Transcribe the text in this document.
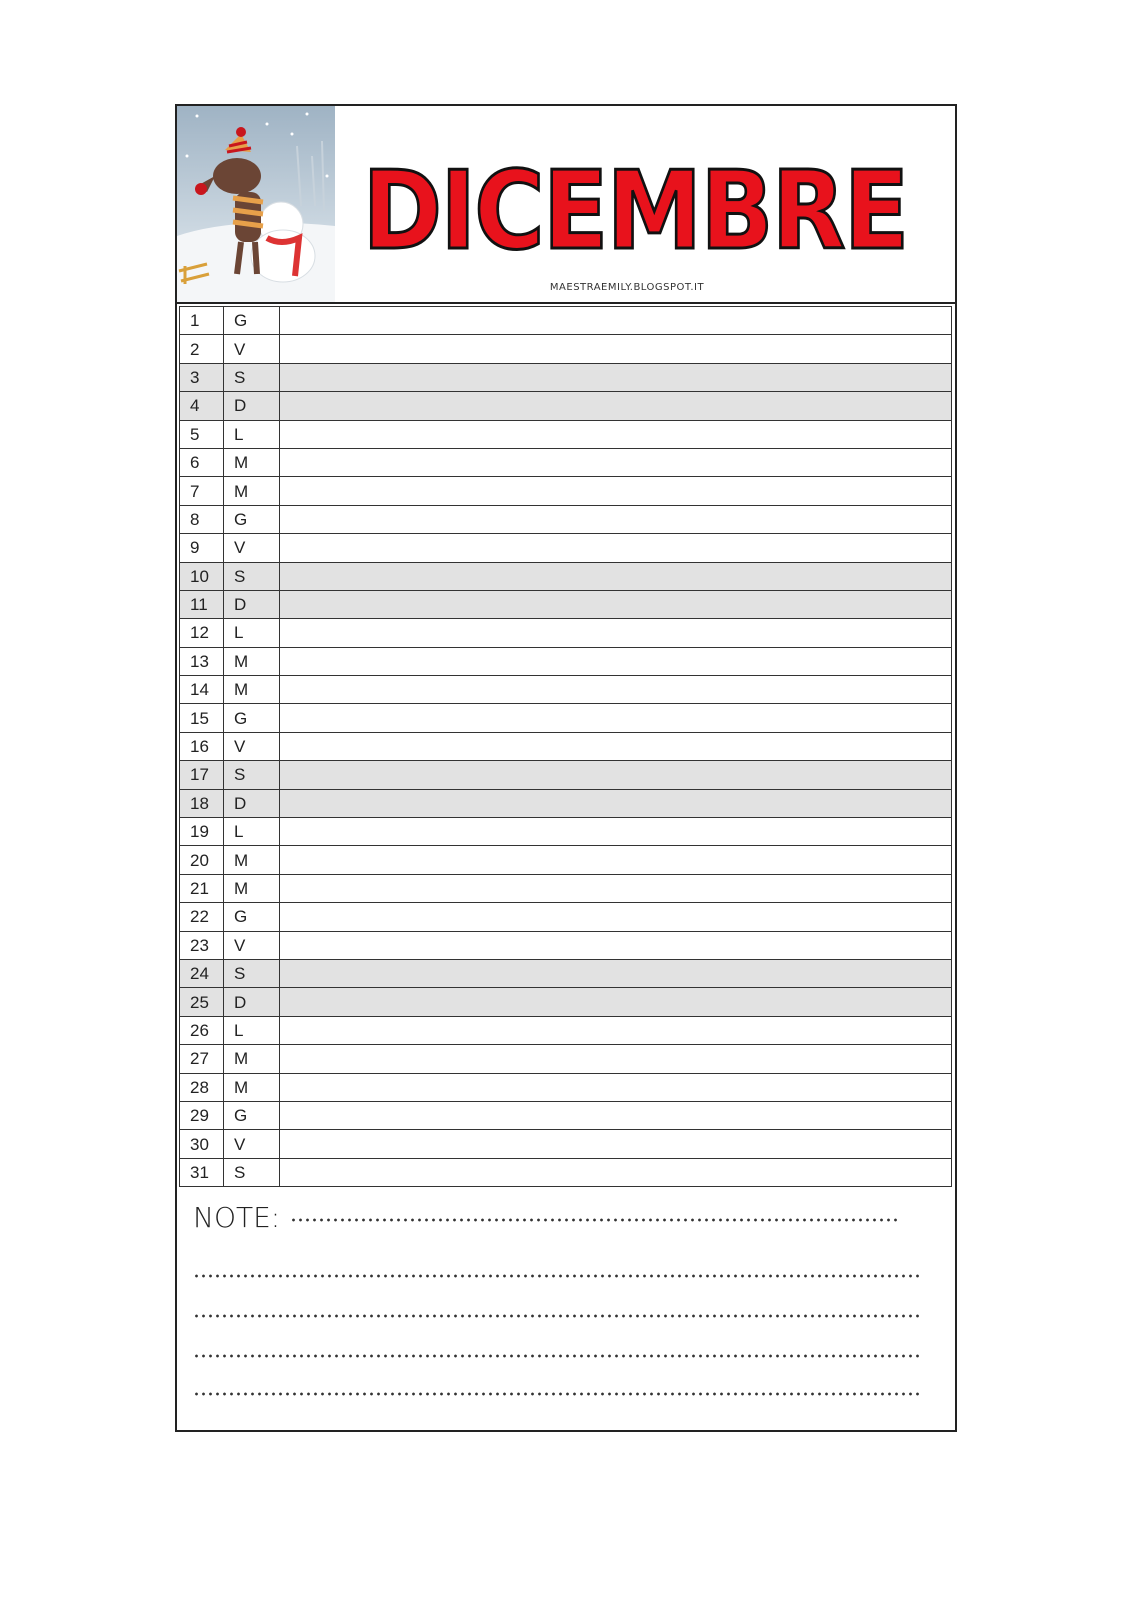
DICEMBRE
MAESTRAEMILY.BLOGSPOT.IT
1	G	
2	V	
3	S	
4	D	
5	L	
6	M	
7	M	
8	G	
9	V	
10	S	
11	D	
12	L	
13	M	
14	M	
15	G	
16	V	
17	S	
18	D	
19	L	
20	M	
21	M	
22	G	
23	V	
24	S	
25	D	
26	L	
27	M	
28	M	
29	G	
30	V	
31	S	
NOTE:
